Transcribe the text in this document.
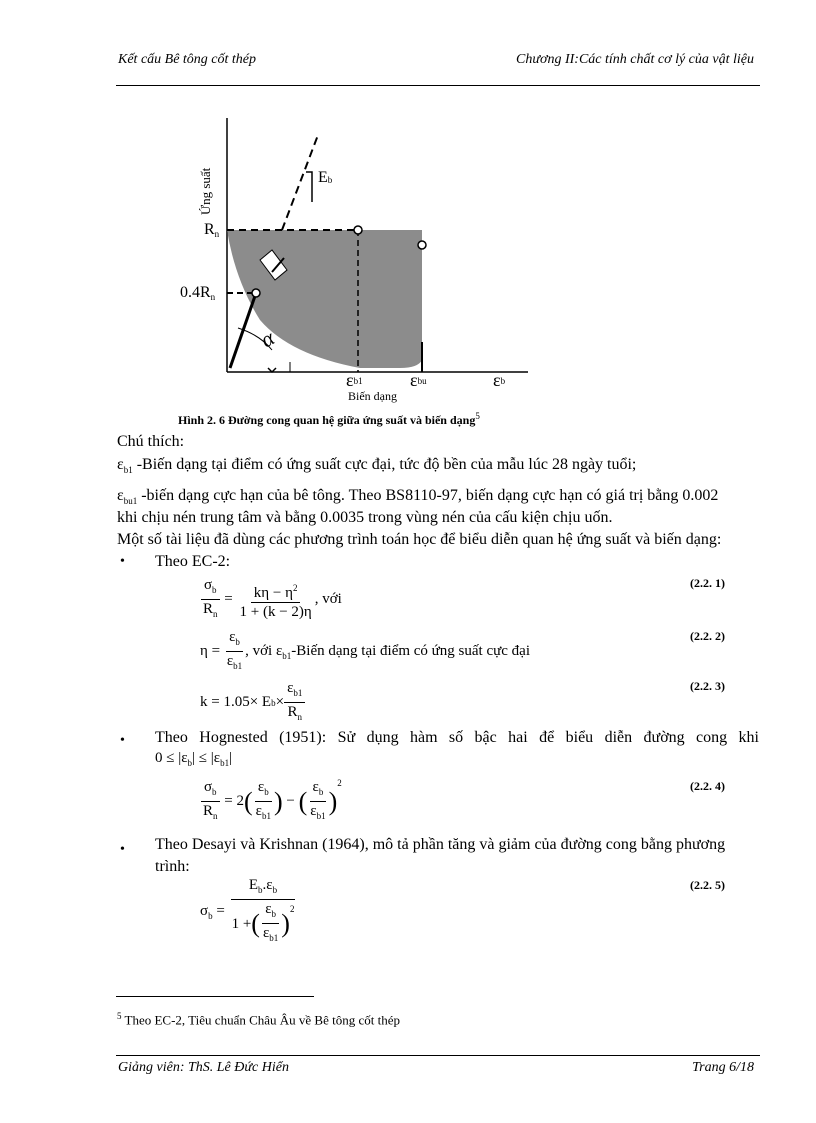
Kết cấu Bê tông cốt thép	Chương II:Các tính chất cơ lý của vật liệu
Ứng suất
Rn
0.4Rn
Eb
α
εb1	εbu	εb
Biến dạng
Hình 2. 6 Đường cong quan hệ giữa ứng suất và biến dạng$^5$
Chú thích:
$\varepsilon_{b1}$ -Biến dạng tại điểm có ứng suất cực đại, tức độ bền của mẫu lúc 28 ngày tuổi;
$\varepsilon_{bu1}$ -biến dạng cực hạn của bê tông. Theo BS8110-97, biến dạng cực hạn có giá trị bằng 0.002
khi chịu nén trung tâm và bằng 0.0035 trong vùng nén của cấu kiện chịu uốn.
Một số tài liệu đã dùng các phương trình toán học để biểu diễn quan hệ ứng suất và biến dạng:
• Theo EC-2:
$\frac{\sigma_b}{R_n} = \frac{k\eta - \eta^2}{1 + (k - 2)\eta}$ , với
(2.2. 1)
$\eta = \frac{\varepsilon_b}{\varepsilon_{b1}}$ , với $\varepsilon_{b1}$ -Biến dạng tại điểm có ứng suất cực đại
(2.2. 2)
k = 1.05× E $b \times \frac{\varepsilon_{b1}}{R_n}$	(2.2. 3)
• Theo Hognested (1951): Sử dụng hàm số bậc hai để biểu diễn đường cong khi
$0 \le |\varepsilon_b| \le |\varepsilon_{b1}|$
$\frac{\sigma_b}{R_n} = 2$ ( $\frac{\varepsilon_b}{\varepsilon_{b1}}$ ) − ( $\frac{\varepsilon_b}{\varepsilon_{b1}}$ )
2	(2.2. 4)
• Theo Desayi và Krishnan (1964), mô tả phần tăng và giảm của đường cong bằng phương
trình:
$\sigma_b = \frac{E_b.\varepsilon_b}{1 + ( \frac{\varepsilon_b}{\varepsilon_{b1}} )^2}$	(2.2. 5)
$^5$ Theo EC-2, Tiêu chuẩn Châu Âu về Bê tông cốt thép
Giảng viên: ThS. Lê Đức Hiển	Trang 6/18
